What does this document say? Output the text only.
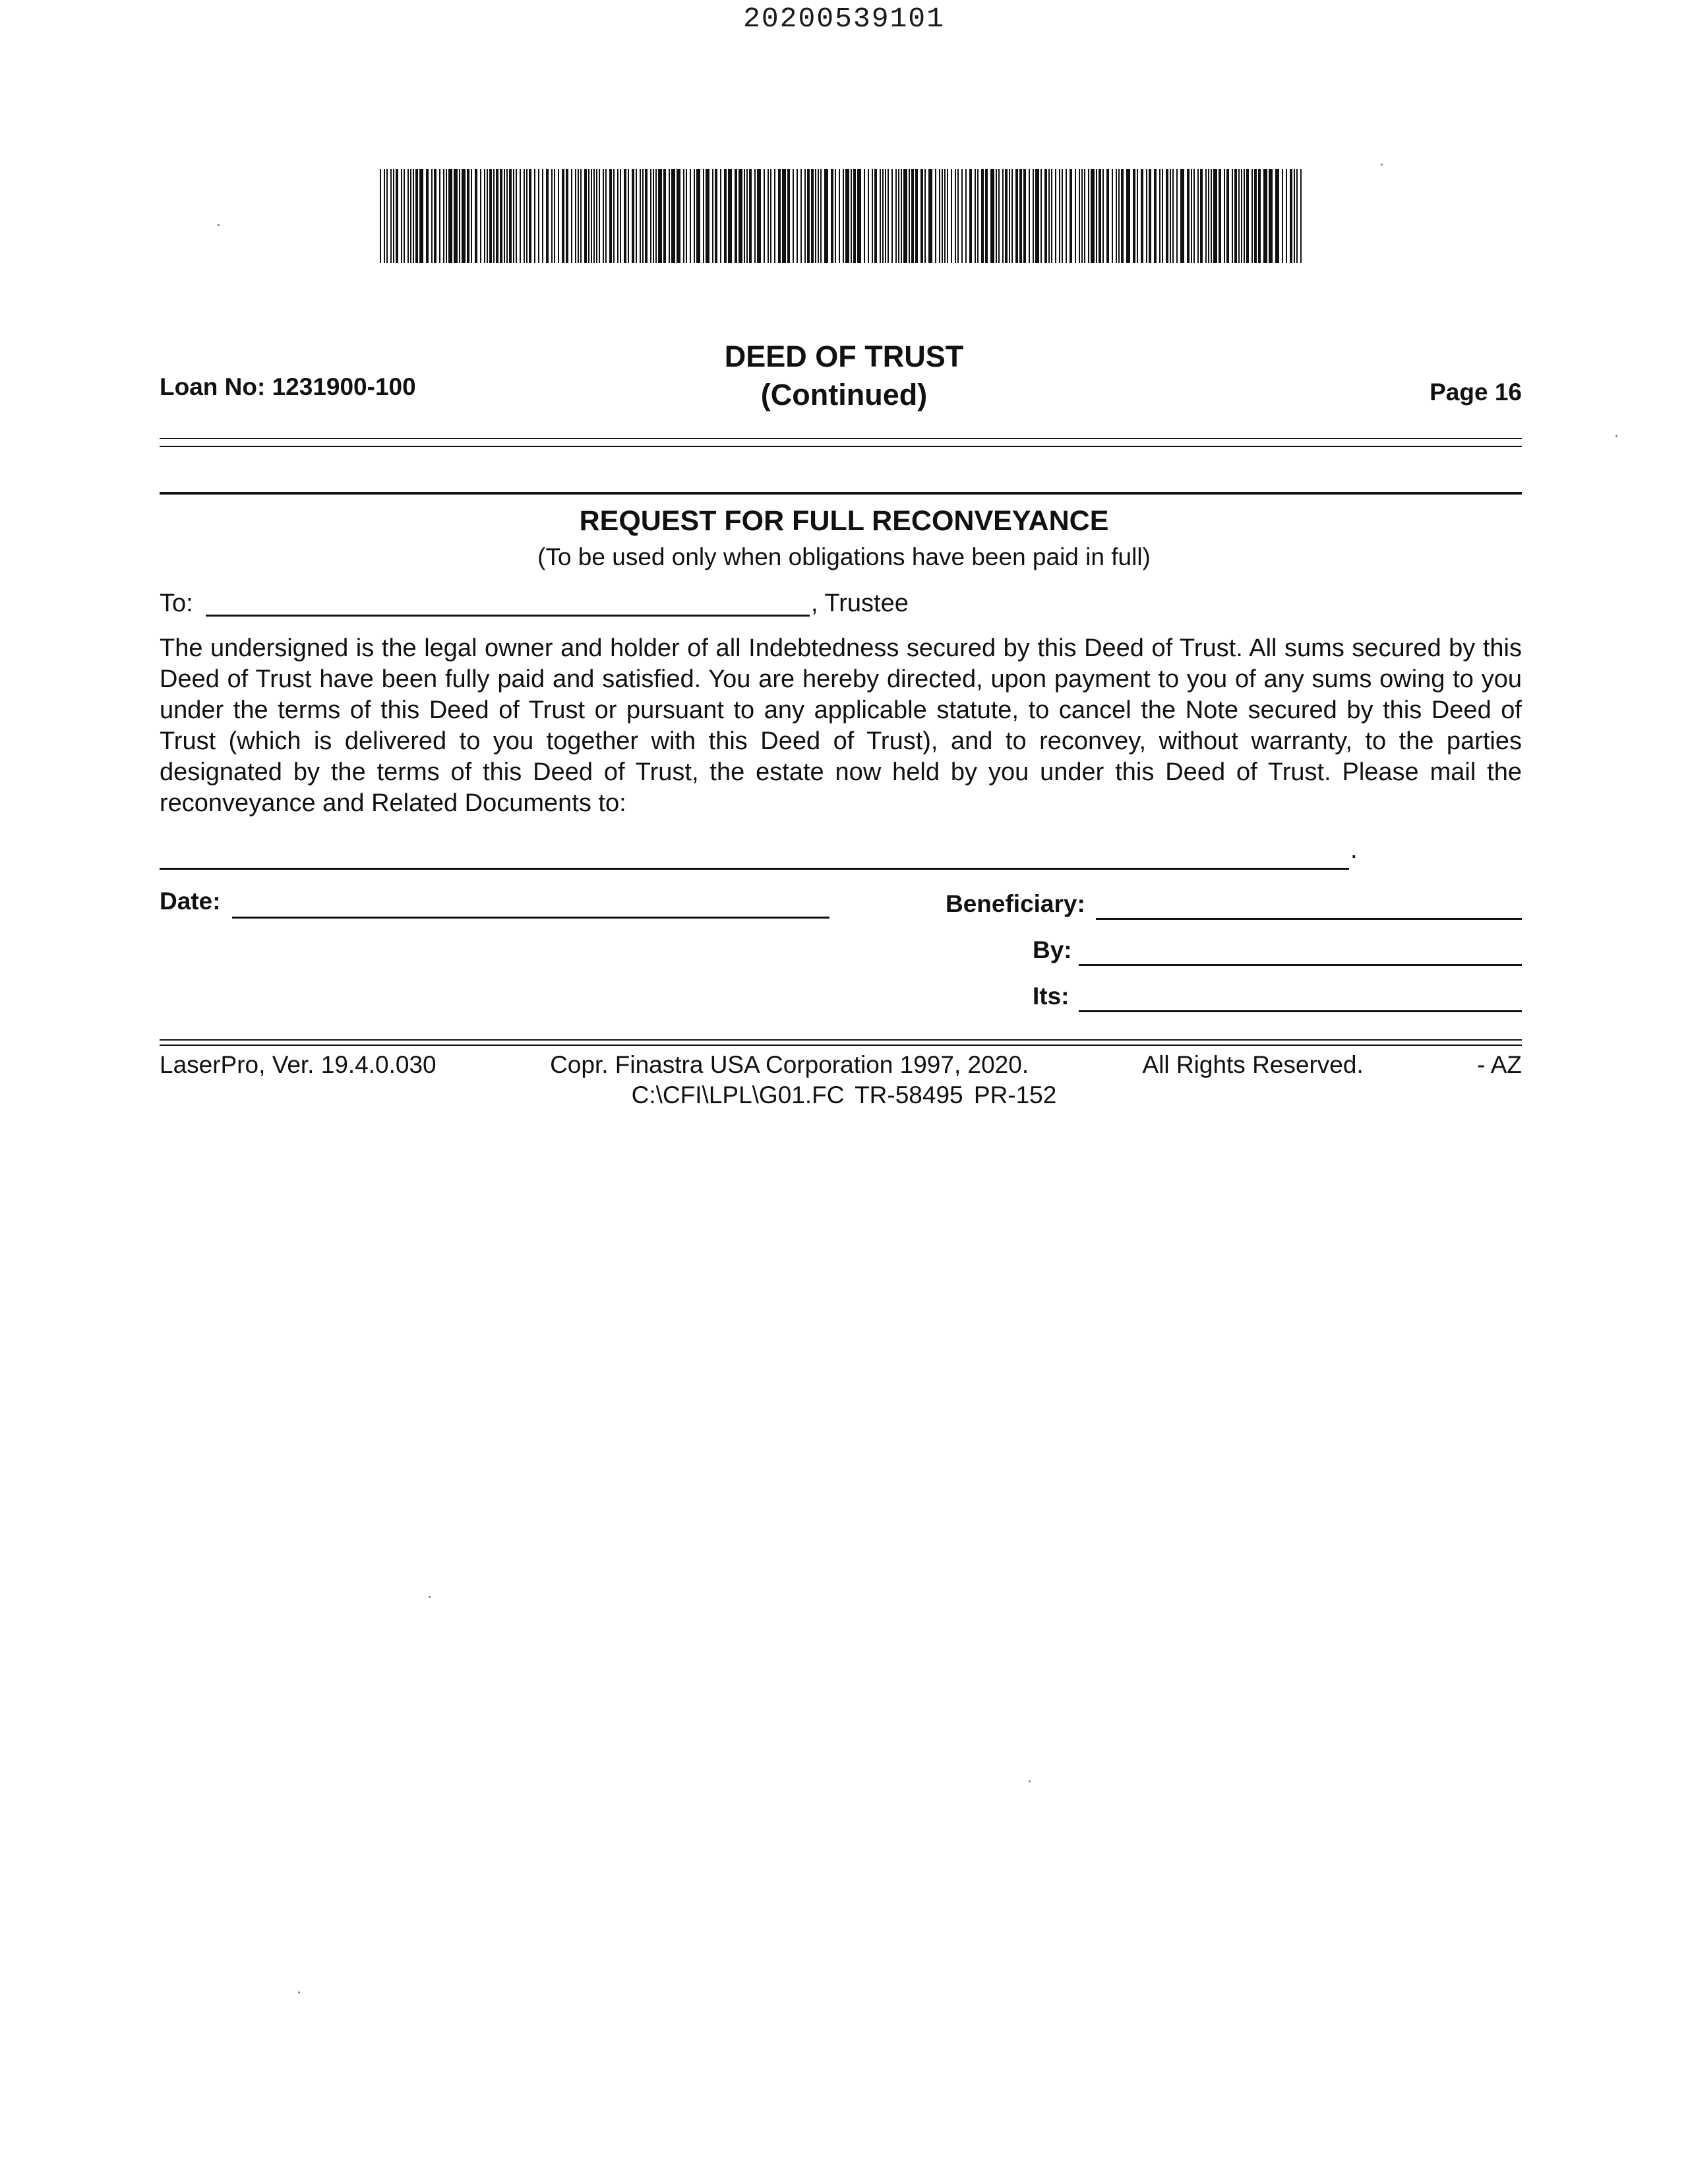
20200539101
Loan No: 1231900-100
DEED OF TRUST
(Continued)	Page 16
REQUEST FOR FULL RECONVEYANCE
(To be used only when obligations have been paid in full)
To:	, Trustee
The undersigned is the legal owner and holder of all Indebtedness secured by this Deed of Trust. All sums secured by this Deed of Trust have been fully paid and satisfied. You are hereby directed, upon payment to you of any sums owing to you under the terms of this Deed of Trust or pursuant to any applicable statute, to cancel the Note secured by this Deed of Trust (which is delivered to you together with this Deed of Trust), and to reconvey, without warranty, to the parties designated by the terms of this Deed of Trust, the estate now held by you under this Deed of Trust. Please mail the reconveyance and Related Documents to:
.
Date:	Beneficiary:
By:
Its:
LaserPro, Ver. 19.4.0.030	Copr. Finastra USA Corporation 1997, 2020.	All Rights Reserved.	- AZ
C:\CFI\LPL\G01.FC TR-58495 PR-152
